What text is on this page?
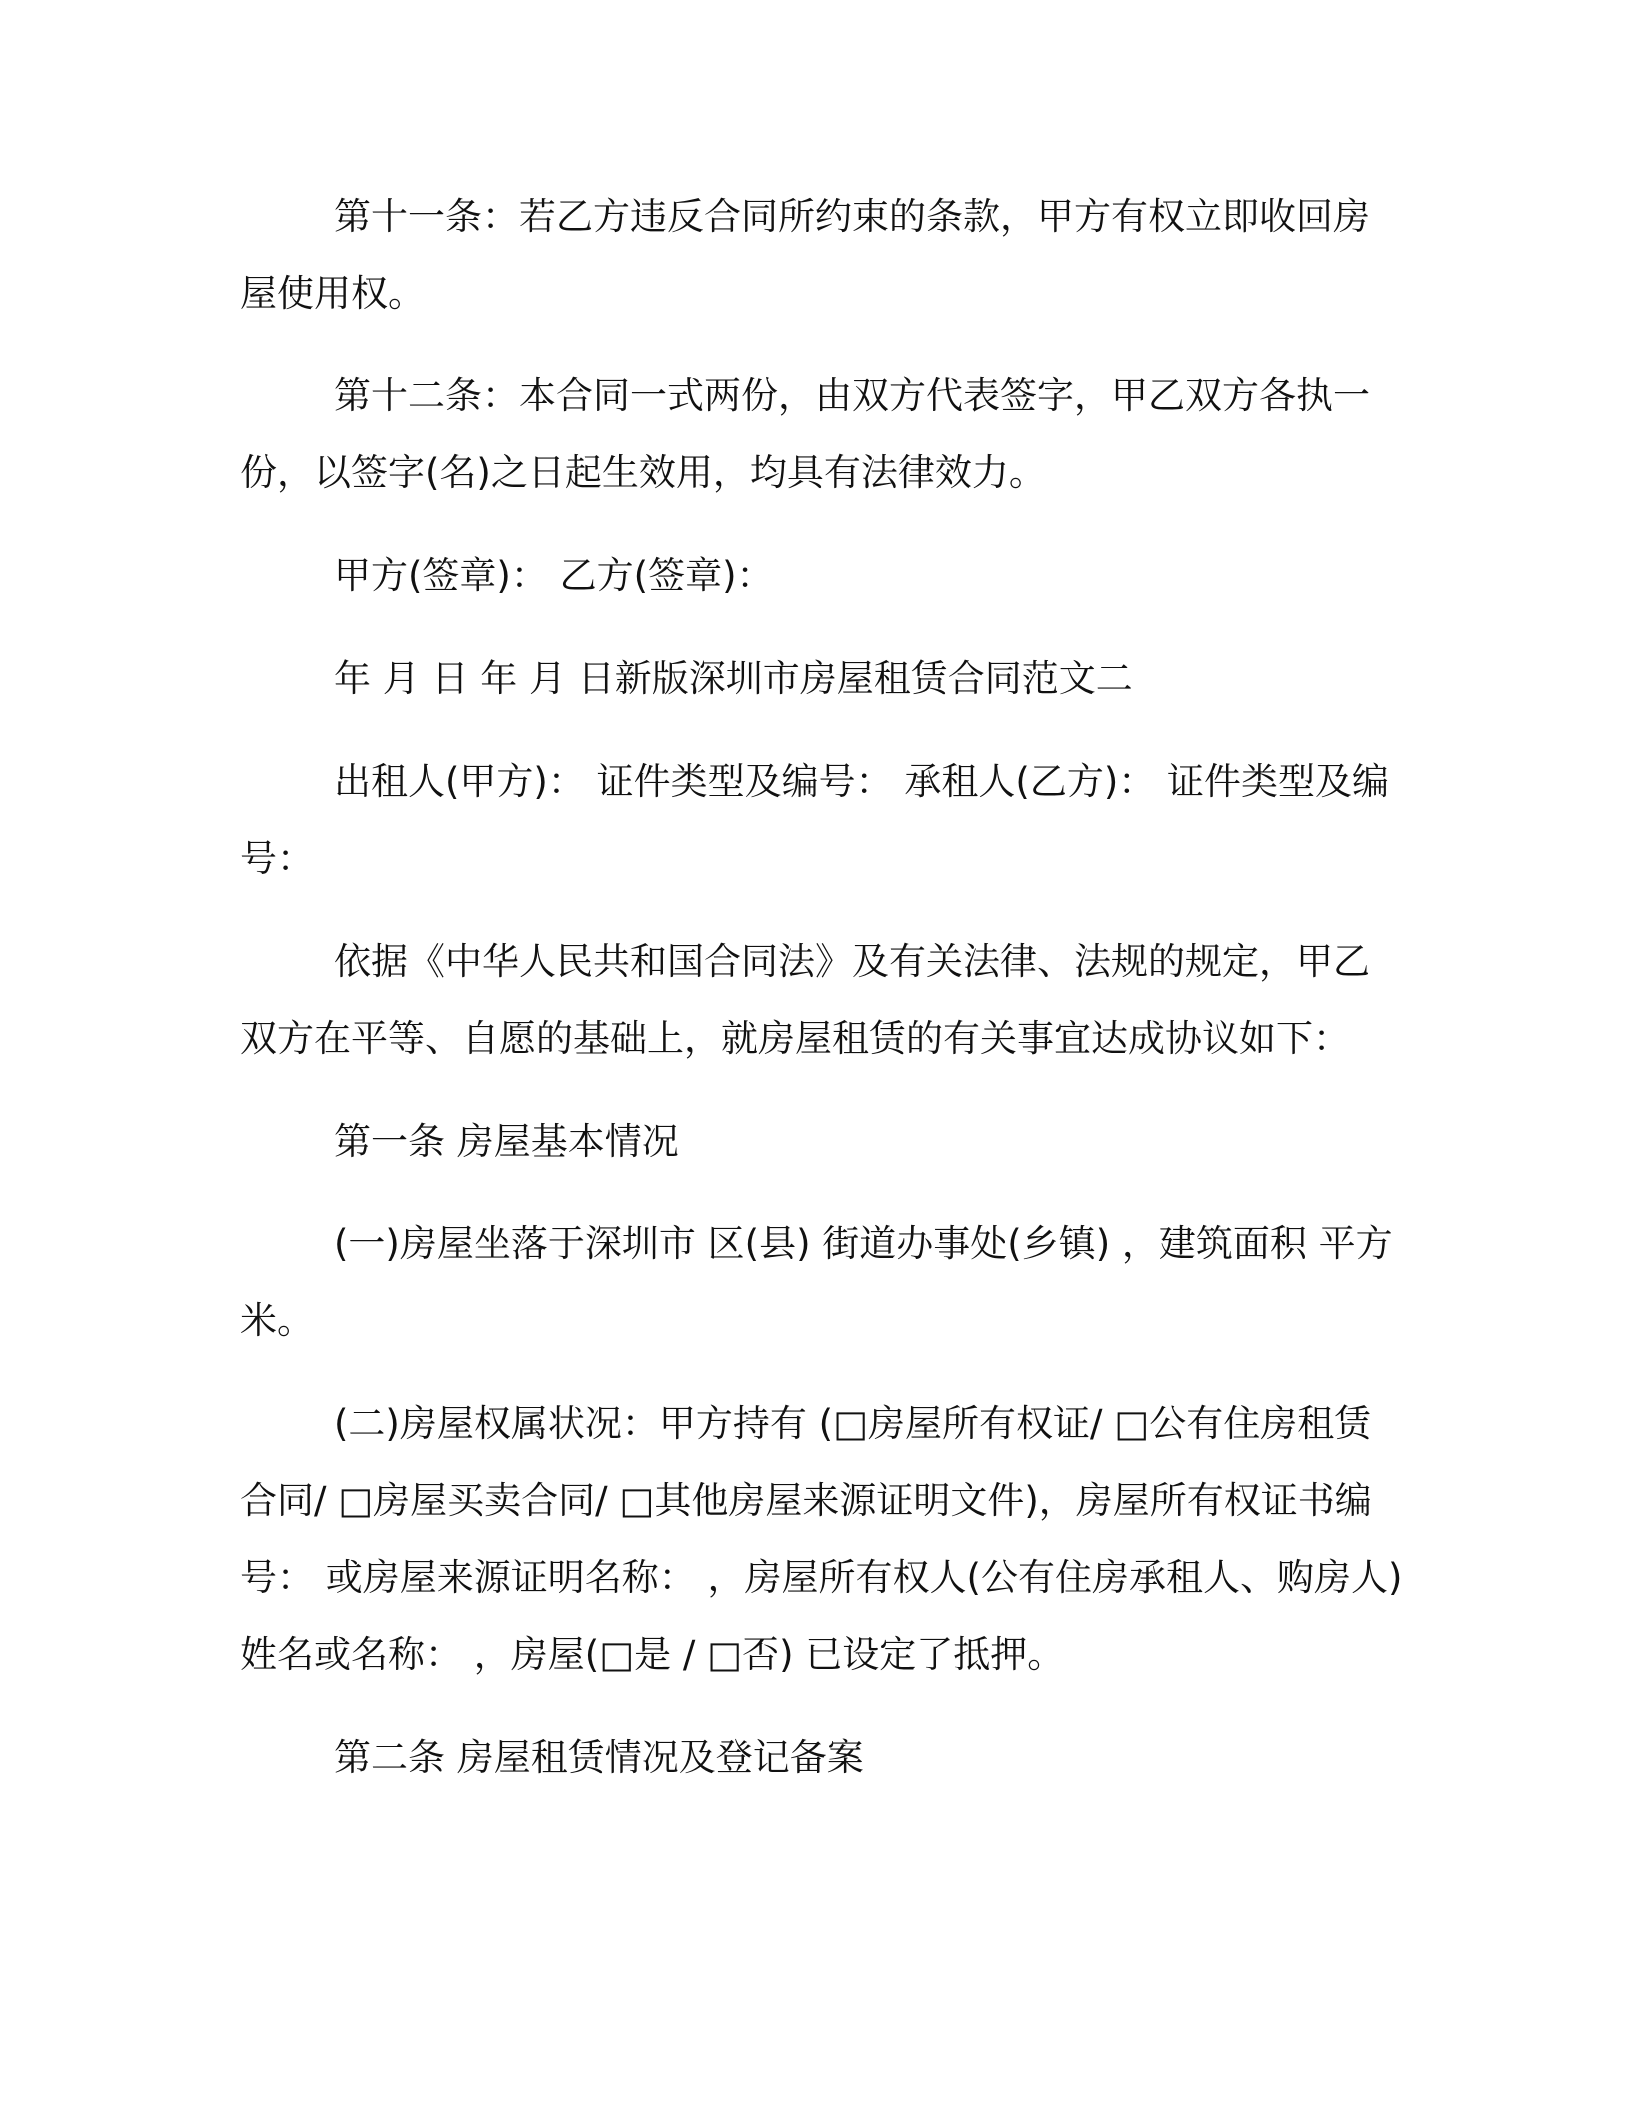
第十一条：若乙方违反合同所约束的条款，甲方有权立即收回房
屋使用权。
第十二条：本合同一式两份，由双方代表签字，甲乙双方各执一
份，以签字(名)之日起生效用，均具有法律效力。
甲方(签章)： 乙方(签章)：
年 月 日 年 月 日新版深圳市房屋租赁合同范文二
出租人(甲方)： 证件类型及编号： 承租人(乙方)： 证件类型及编
号：
依据《中华人民共和国合同法》及有关法律、法规的规定，甲乙
双方在平等、自愿的基础上，就房屋租赁的有关事宜达成协议如下：
第一条 房屋基本情况
(一)房屋坐落于深圳市 区(县) 街道办事处(乡镇) ，建筑面积 平方
米。
(二)房屋权属状况：甲方持有 (□房屋所有权证/ □公有住房租赁
合同/ □房屋买卖合同/ □其他房屋来源证明文件)，房屋所有权证书编
号： 或房屋来源证明名称： ，房屋所有权人(公有住房承租人、购房人)
姓名或名称： ，房屋(□是 / □否) 已设定了抵押。
第二条 房屋租赁情况及登记备案
